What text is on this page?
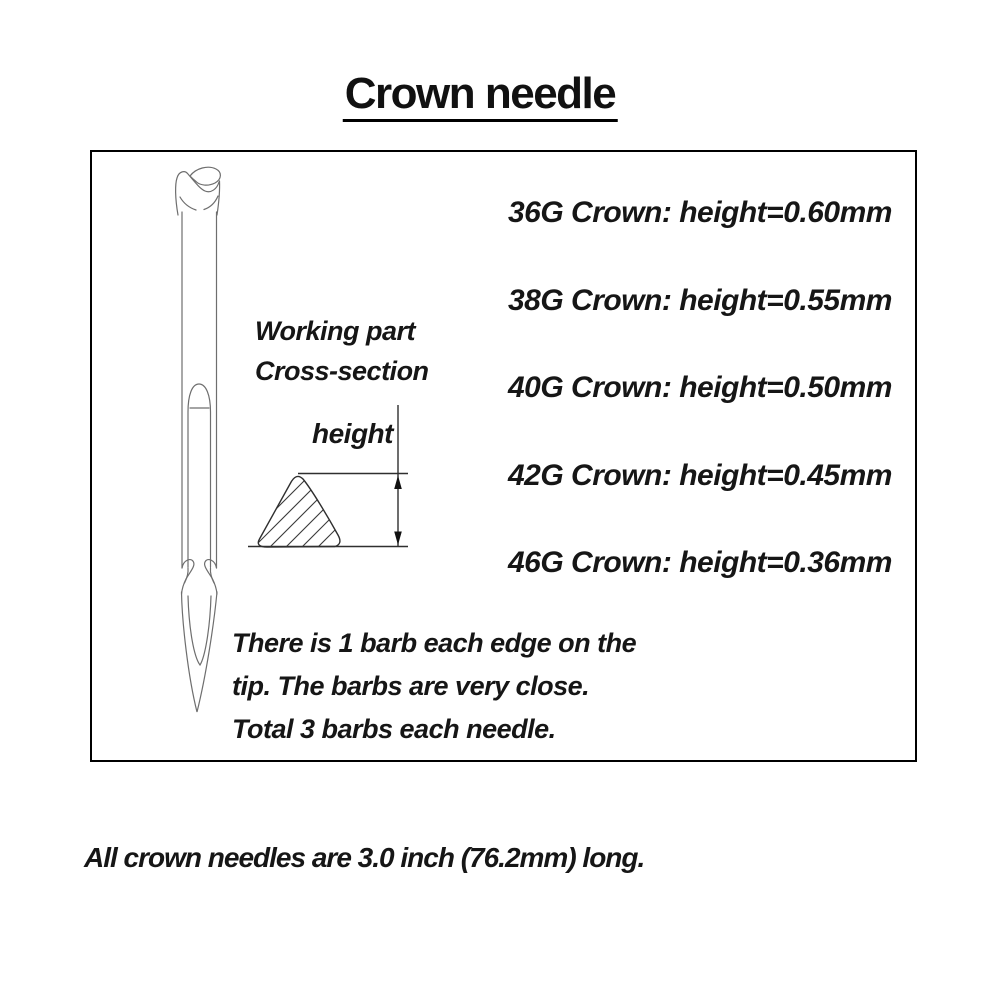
Crown needle
Working part
Cross-section
height
36G Crown: height=0.60mm
38G Crown: height=0.55mm
40G Crown: height=0.50mm
42G Crown: height=0.45mm
46G Crown: height=0.36mm
There is 1 barb each edge on the
tip. The barbs are very close.
Total 3 barbs each needle.
All crown needles are 3.0 inch (76.2mm) long.
